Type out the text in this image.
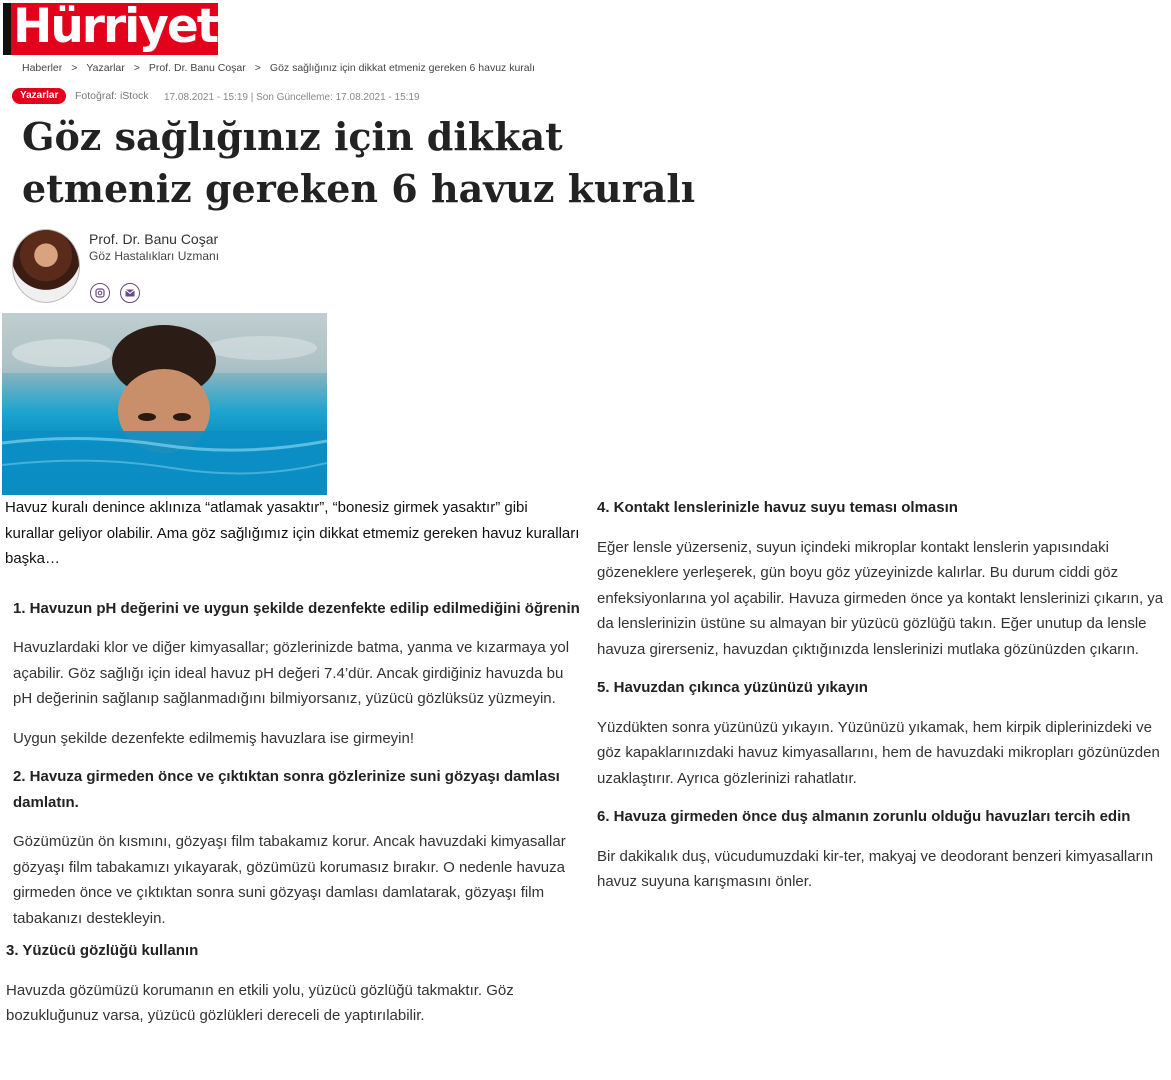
Hürriyet
Haberler > Yazarlar > Prof. Dr. Banu Coşar > Göz sağlığınız için dikkat etmeniz gereken 6 havuz kuralı
Yazarlar	Fotoğraf: iStock 17.08.2021 - 15:19 | Son Güncelleme: 17.08.2021 - 15:19
Göz sağlığınız için dikkat etmeniz gereken 6 havuz kuralı
Prof. Dr. Banu Coşar
Göz Hastalıkları Uzmanı

Havuz kuralı denince aklınıza “atlamak yasaktır”, “bonesiz girmek yasaktır” gibi kurallar geliyor olabilir. Ama göz sağlığımız için dikkat etmemiz gereken havuz kuralları başka…

1. Havuzun pH değerini ve uygun şekilde dezenfekte edilip edilmediğini öğrenin

Havuzlardaki klor ve diğer kimyasallar; gözlerinizde batma, yanma ve kızarmaya yol açabilir. Göz sağlığı için ideal havuz pH değeri 7.4’dür. Ancak girdiğiniz havuzda bu pH değerinin sağlanıp sağlanmadığını bilmiyorsanız, yüzücü gözlüksüz yüzmeyin.

Uygun şekilde dezenfekte edilmemiş havuzlara ise girmeyin!

2. Havuza girmeden önce ve çıktıktan sonra gözlerinize suni gözyaşı damlası damlatın.

Gözümüzün ön kısmını, gözyaşı film tabakamız korur. Ancak havuzdaki kimyasallar gözyaşı film tabakamızı yıkayarak, gözümüzü korumasız bırakır. O nedenle havuza girmeden önce ve çıktıktan sonra suni gözyaşı damlası damlatarak, gözyaşı film tabakanızı destekleyin.

3. Yüzücü gözlüğü kullanın

Havuzda gözümüzü korumanın en etkili yolu, yüzücü gözlüğü takmaktır. Göz bozukluğunuz varsa, yüzücü gözlükleri dereceli de yaptırılabilir.

4. Kontakt lenslerinizle havuz suyu teması olmasın

Eğer lensle yüzerseniz, suyun içindeki mikroplar kontakt lenslerin yapısındaki gözeneklere yerleşerek, gün boyu göz yüzeyinizde kalırlar. Bu durum ciddi göz enfeksiyonlarına yol açabilir. Havuza girmeden önce ya kontakt lenslerinizi çıkarın, ya da lenslerinizin üstüne su almayan bir yüzücü gözlüğü takın. Eğer unutup da lensle havuza girerseniz, havuzdan çıktığınızda lenslerinizi mutlaka gözünüzden çıkarın.

5. Havuzdan çıkınca yüzünüzü yıkayın

Yüzdükten sonra yüzünüzü yıkayın. Yüzünüzü yıkamak, hem kirpik diplerinizdeki ve göz kapaklarınızdaki havuz kimyasallarını, hem de havuzdaki mikropları gözünüzden uzaklaştırır. Ayrıca gözlerinizi rahatlatır.

6. Havuza girmeden önce duş almanın zorunlu olduğu havuzları tercih edin

Bir dakikalık duş, vücudumuzdaki kir-ter, makyaj ve deodorant benzeri kimyasalların havuz suyuna karışmasını önler.
